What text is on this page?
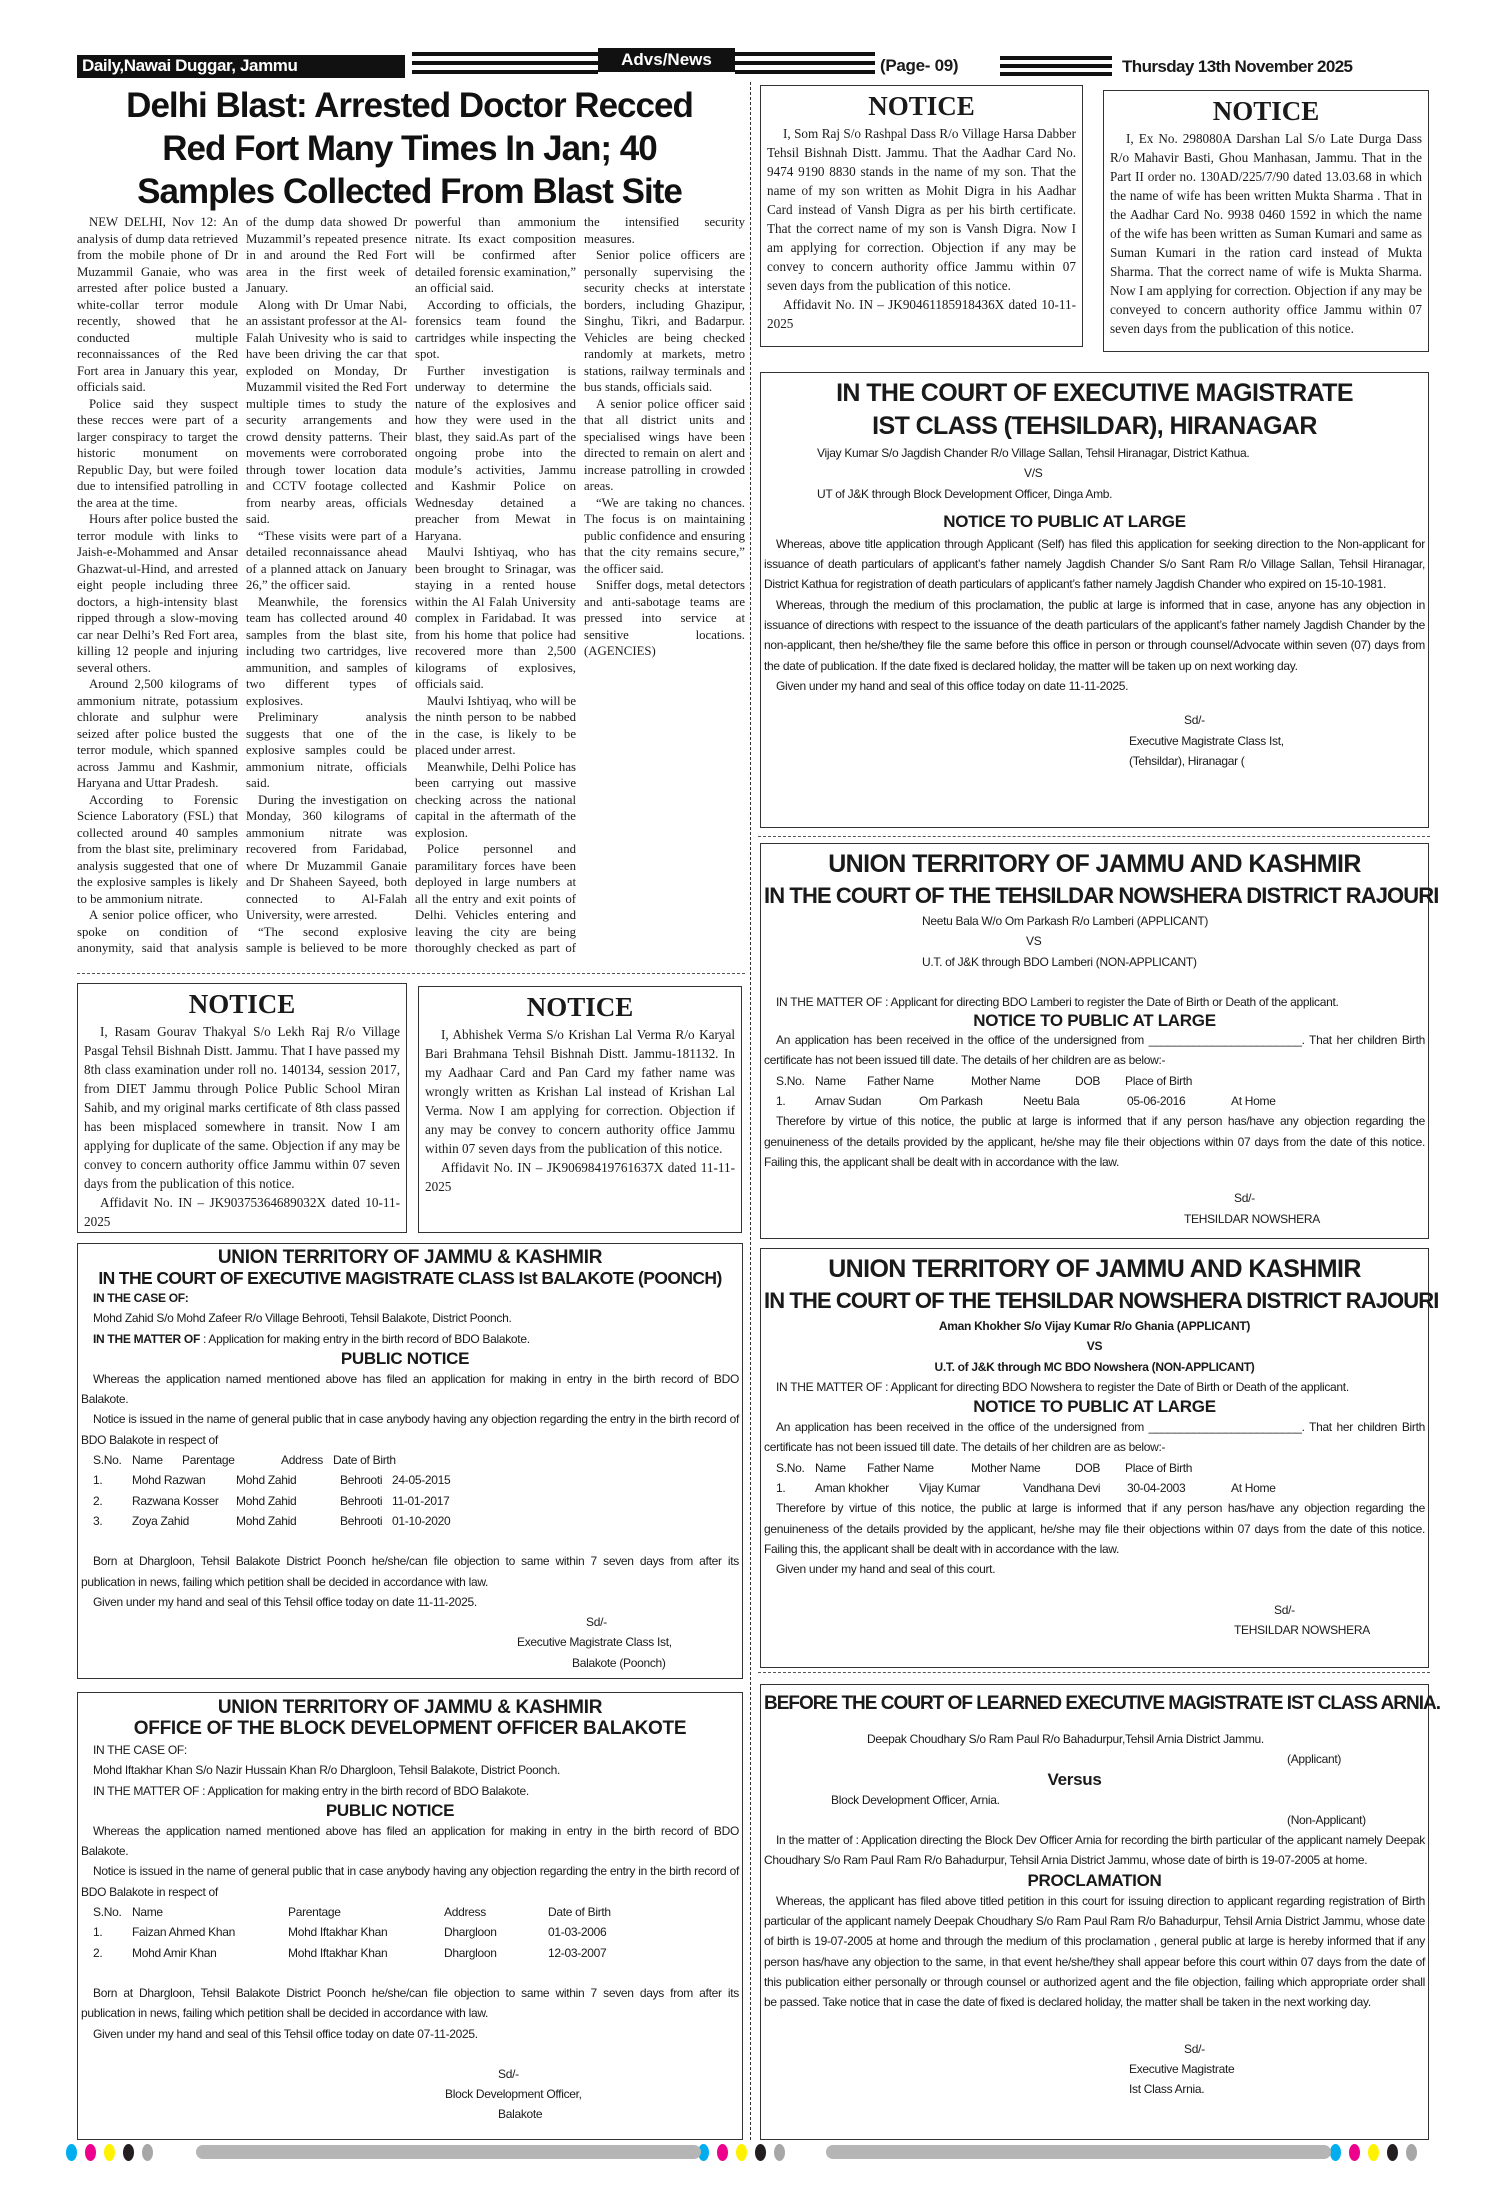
Daily,Nawai Duggar, Jammu	Advs/News	(Page- 09)	Thursday 13th November 2025
Delhi Blast: Arrested Doctor Recced
Red Fort Many Times In Jan; 40
Samples Collected From Blast Site

NEW DELHI, Nov 12: An analysis of dump data retrieved from the mobile phone of Dr Muzammil Ganaie, who was arrested after police busted a white-collar terror module recently, showed that he conducted multiple reconnaissances of the Red Fort area in January this year, officials said.

Police said they suspect these recces were part of a larger conspiracy to target the historic monument on Republic Day, but were foiled due to intensified patrolling in the area at the time.

Hours after police busted the terror module with links to Jaish-e-Mohammed and Ansar Ghazwat-ul-Hind, and arrested eight people including three doctors, a high-intensity blast ripped through a slow-moving car near Delhi’s Red Fort area, killing 12 people and injuring several others.

Around 2,500 kilograms of ammonium nitrate, potassium chlorate and sulphur were seized after police busted the terror module, which spanned across Jammu and Kashmir, Haryana and Uttar Pradesh.

According to Forensic Science Laboratory (FSL) that collected around 40 samples from the blast site, preliminary analysis suggested that one of the explosive samples is likely to be ammonium nitrate.

A senior police officer, who spoke on condition of anonymity, said that analysis of the dump data showed Dr Muzammil’s repeated presence in and around the Red Fort area in the first week of January.

Along with Dr Umar Nabi, an assistant professor at the Al-Falah Univesity who is said to have been driving the car that exploded on Monday, Dr Muzammil visited the Red Fort multiple times to study the security arrangements and crowd density patterns. Their movements were corroborated through tower location data and CCTV footage collected from nearby areas, officials said.

“These visits were part of a detailed reconnaissance ahead of a planned attack on January 26,” the officer said.

Meanwhile, the forensics team has collected around 40 samples from the blast site, including two cartridges, live ammunition, and samples of two different types of explosives.

Preliminary analysis suggests that one of the explosive samples could be ammonium nitrate, officials said.

During the investigation on Monday, 360 kilograms of ammonium nitrate was recovered from Faridabad, where Dr Muzammil Ganaie and Dr Shaheen Sayeed, both connected to Al-Falah University, were arrested.

“The second explosive sample is believed to be more powerful than ammonium nitrate. Its exact composition will be confirmed after detailed forensic examination,” an official said.

According to officials, the forensics team found the cartridges while inspecting the spot.

Further investigation is underway to determine the nature of the explosives and how they were used in the blast, they said.As part of the ongoing probe into the module’s activities, Jammu and Kashmir Police on Wednesday detained a preacher from Mewat in Haryana.

Maulvi Ishtiyaq, who has been brought to Srinagar, was staying in a rented house within the Al Falah University complex in Faridabad. It was from his home that police had recovered more than 2,500 kilograms of explosives, officials said.

Maulvi Ishtiyaq, who will be the ninth person to be nabbed in the case, is likely to be placed under arrest.

Meanwhile, Delhi Police has been carrying out massive checking across the national capital in the aftermath of the explosion.

Police personnel and paramilitary forces have been deployed in large numbers at all the entry and exit points of Delhi. Vehicles entering and leaving the city are being thoroughly checked as part of the intensified security measures.

Senior police officers are personally supervising the security checks at interstate borders, including Ghazipur, Singhu, Tikri, and Badarpur. Vehicles are being checked randomly at markets, metro stations, railway terminals and bus stands, officials said.

A senior police officer said that all district units and specialised wings have been directed to remain on alert and increase patrolling in crowded areas.

“We are taking no chances. The focus is on maintaining public confidence and ensuring that the city remains secure,” the officer said.

Sniffer dogs, metal detectors and anti-sabotage teams are pressed into service at sensitive locations. (AGENCIES)

NOTICE

I, Som Raj S/o Rashpal Dass R/o Village Harsa Dabber Tehsil Bishnah Distt. Jammu. That the Aadhar Card No. 9474 9190 8830 stands in the name of my son. That the name of my son written as Mohit Digra in his Aadhar Card instead of Vansh Digra as per his birth certificate. That the correct name of my son is Vansh Digra. Now I am applying for correction. Objection if any may be convey to concern authority office Jammu within 07 seven days from the publication of this notice.

Affidavit No. IN – JK90461185918436X dated 10-11-2025

NOTICE

I, Ex No. 298080A Darshan Lal S/o Late Durga Dass R/o Mahavir Basti, Ghou Manhasan, Jammu. That in the Part II order no. 130AD/225/7/90 dated 13.03.68 in which the name of wife has been written Mukta Sharma . That in the Aadhar Card No. 9938 0460 1592 in which the name of the wife has been written as Suman Kumari and same as Suman Kumari in the ration card instead of Mukta Sharma. That the correct name of wife is Mukta Sharma. Now I am applying for correction. Objection if any may be conveyed to concern authority office Jammu within 07 seven days from the publication of this notice.

IN THE COURT OF EXECUTIVE MAGISTRATE
IST CLASS (TEHSILDAR), HIRANAGAR
Vijay Kumar S/o Jagdish Chander R/o Village Sallan, Tehsil Hiranagar, District Kathua.
V/S
UT of J&K through Block Development Officer, Dinga Amb.
NOTICE TO PUBLIC AT LARGE

Whereas, above title application through Applicant (Self) has filed this application for seeking direction to the Non-applicant for issuance of death particulars of applicant’s father namely Jagdish Chander S/o Sant Ram R/o Village Sallan, Tehsil Hiranagar, District Kathua for registration of death particulars of applicant’s father namely Jagdish Chander who expired on 15-10-1981.

Whereas, through the medium of this proclamation, the public at large is informed that in case, anyone has any objection in issuance of directions with respect to the issuance of the death particulars of the applicant’s father namely Jagdish Chander by the non-applicant, then he/she/they file the same before this office in person or through counsel/Advocate within seven (07) days from the date of publication. If the date fixed is declared holiday, the matter will be taken up on next working day.

Given under my hand and seal of this office today on date 11-11-2025.

Sd/-
Executive Magistrate Class Ist,
(Tehsildar), Hiranagar (
UNION TERRITORY OF JAMMU AND KASHMIR
IN THE COURT OF THE TEHSILDAR NOWSHERA DISTRICT RAJOURI
Neetu Bala W/o Om Parkash R/o Lamberi (APPLICANT)
VS
U.T. of J&K through BDO Lamberi (NON-APPLICANT)

IN THE MATTER OF : Applicant for directing BDO Lamberi to register the Date of Birth or Death of the applicant.

NOTICE TO PUBLIC AT LARGE

An application has been received in the office of the undersigned from ________________________. That her children Birth certificate has not been issued till date. The details of her children are as below:-

S.No. Name	Father Name	Mother Name	DOB	Place of Birth
1.	Arnav Sudan	Om Parkash	Neetu Bala	05-06-2016	At Home

Therefore by virtue of this notice, the public at large is informed that if any person has/have any objection regarding the genuineness of the details provided by the applicant, he/she may file their objections within 07 days from the date of this notice. Failing this, the applicant shall be dealt with in accordance with the law.

Sd/-
TEHSILDAR NOWSHERA
UNION TERRITORY OF JAMMU AND KASHMIR
IN THE COURT OF THE TEHSILDAR NOWSHERA DISTRICT RAJOURI
Aman Khokher S/o Vijay Kumar R/o Ghania (APPLICANT)
VS
U.T. of J&K through MC BDO Nowshera (NON-APPLICANT)

IN THE MATTER OF : Applicant for directing BDO Nowshera to register the Date of Birth or Death of the applicant.

NOTICE TO PUBLIC AT LARGE

An application has been received in the office of the undersigned from ________________________. That her children Birth certificate has not been issued till date. The details of her children are as below:-

S.No. Name	Father Name	Mother Name	DOB	Place of Birth
1.	Aman khokher	Vijay Kumar	Vandhana Devi	30-04-2003	At Home

Therefore by virtue of this notice, the public at large is informed that if any person has/have any objection regarding the genuineness of the details provided by the applicant, he/she may file their objections within 07 days from the date of this notice. Failing this, the applicant shall be dealt with in accordance with the law.

Given under my hand and seal of this court.

Sd/-
TEHSILDAR NOWSHERA
BEFORE THE COURT OF LEARNED EXECUTIVE MAGISTRATE IST CLASS ARNIA.
Deepak Choudhary S/o Ram Paul R/o Bahadurpur,Tehsil Arnia District Jammu.
(Applicant)
Versus
Block Development Officer, Arnia.
(Non-Applicant)

In the matter of : Application directing the Block Dev Officer Arnia for recording the birth particular of the applicant namely Deepak Choudhary S/o Ram Paul Ram R/o Bahadurpur, Tehsil Arnia District Jammu, whose date of birth is 19-07-2005 at home.

PROCLAMATION

Whereas, the applicant has filed above titled petition in this court for issuing direction to applicant regarding registration of Birth particular of the applicant namely Deepak Choudhary S/o Ram Paul Ram R/o Bahadurpur, Tehsil Arnia District Jammu, whose date of birth is 19-07-2005 at home and through the medium of this proclamation , general public at large is hereby informed that if any person has/have any objection to the same, in that event he/she/they shall appear before this court within 07 days from the date of this publication either personally or through counsel or authorized agent and the file objection, failing which appropriate order shall be passed. Take notice that in case the date of fixed is declared holiday, the matter shall be taken in the next working day.

Sd/-
Executive Magistrate
Ist Class Arnia.
NOTICE

I, Rasam Gourav Thakyal S/o Lekh Raj R/o Village Pasgal Tehsil Bishnah Distt. Jammu. That I have passed my 8th class examination under roll no. 140134, session 2017, from DIET Jammu through Police Public School Miran Sahib, and my original marks certificate of 8th class passed has been misplaced somewhere in transit. Now I am applying for duplicate of the same. Objection if any may be convey to concern authority office Jammu within 07 seven days from the publication of this notice.

Affidavit No. IN – JK90375364689032X dated 10-11-2025

NOTICE

I, Abhishek Verma S/o Krishan Lal Verma R/o Karyal Bari Brahmana Tehsil Bishnah Distt. Jammu-181132. In my Aadhaar Card and Pan Card my father name was wrongly written as Krishan Lal instead of Krishan Lal Verma. Now I am applying for correction. Objection if any may be convey to concern authority office Jammu within 07 seven days from the publication of this notice.

Affidavit No. IN – JK90698419761637X dated 11-11-2025

UNION TERRITORY OF JAMMU & KASHMIR
IN THE COURT OF EXECUTIVE MAGISTRATE CLASS Ist BALAKOTE (POONCH)
IN THE CASE OF:
Mohd Zahid S/o Mohd Zafeer R/o Village Behrooti, Tehsil Balakote, District Poonch.
IN THE MATTER OF : Application for making entry in the birth record of BDO Balakote.
PUBLIC NOTICE

Whereas the application named mentioned above has filed an application for making in entry in the birth record of BDO Balakote.

Notice is issued in the name of general public that in case anybody having any objection regarding the entry in the birth record of BDO Balakote in respect of

S.No. Name	Parentage	Address Date of Birth
1.	Mohd Razwan	Mohd Zahid	Behrooti 24-05-2015
2.	Razwana Kosser	Mohd Zahid	Behrooti 11-01-2017
3.	Zoya Zahid	Mohd Zahid	Behrooti 01-10-2020

Born at Dhargloon, Tehsil Balakote District Poonch he/she/can file objection to same within 7 seven days from after its publication in news, failing which petition shall be decided in accordance with law.

Given under my hand and seal of this Tehsil office today on date 11-11-2025.

Sd/-
Executive Magistrate Class Ist,
Balakote (Poonch)
UNION TERRITORY OF JAMMU & KASHMIR
OFFICE OF THE BLOCK DEVELOPMENT OFFICER BALAKOTE
IN THE CASE OF:
Mohd Iftakhar Khan S/o Nazir Hussain Khan R/o Dhargloon, Tehsil Balakote, District Poonch.
IN THE MATTER OF : Application for making entry in the birth record of BDO Balakote.
PUBLIC NOTICE

Whereas the application named mentioned above has filed an application for making in entry in the birth record of BDO Balakote.

Notice is issued in the name of general public that in case anybody having any objection regarding the entry in the birth record of BDO Balakote in respect of

S.No. Name	Parentage	Address	Date of Birth
1.	Faizan Ahmed Khan	Mohd Iftakhar Khan	Dhargloon	01-03-2006
2.	Mohd Amir Khan	Mohd Iftakhar Khan	Dhargloon	12-03-2007

Born at Dhargloon, Tehsil Balakote District Poonch he/she/can file objection to same within 7 seven days from after its publication in news, failing which petition shall be decided in accordance with law.

Given under my hand and seal of this Tehsil office today on date 07-11-2025.

Sd/-
Block Development Officer,
Balakote
